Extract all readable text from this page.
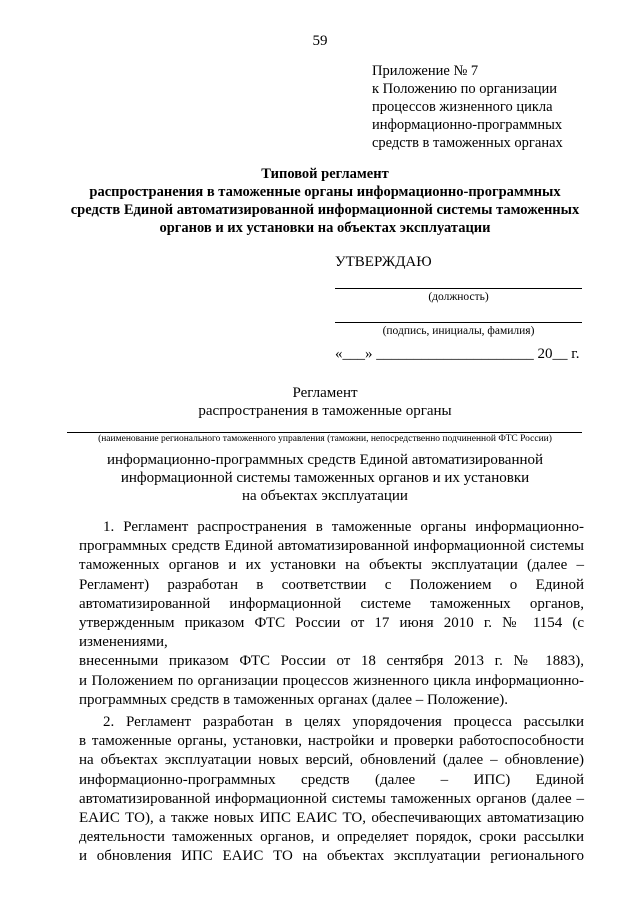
59
Приложение № 7
к Положению по организации
процессов жизненного цикла
информационно-программных
средств в таможенных органах
Типовой регламент
распространения в таможенные органы информационно-программных
средств Единой автоматизированной информационной системы таможенных
органов и их установки на объектах эксплуатации
УТВЕРЖДАЮ
(должность)
(подпись, инициалы, фамилия)
«___» _____________________ 20__ г.
Регламент
распространения в таможенные органы
(наименование регионального таможенного управления (таможни, непосредственно подчиненной ФТС России)
информационно-программных средств Единой автоматизированной
информационной системы таможенных органов и их установки
на объектах эксплуатации
1. Регламент распространения в таможенные органы информационно-
программных средств Единой автоматизированной информационной системы
таможенных органов и их установки на объекты эксплуатации (далее –
Регламент) разработан в соответствии с Положением о Единой
автоматизированной информационной системе таможенных органов,
утвержденным приказом ФТС России от 17 июня 2010 г. № 1154 (с изменениями,
внесенными приказом ФТС России от 18 сентября 2013 г. № 1883),
и Положением по организации процессов жизненного цикла информационно-
программных средств в таможенных органах (далее – Положение).
2. Регламент разработан в целях упорядочения процесса рассылки
в таможенные органы, установки, настройки и проверки работоспособности
на объектах эксплуатации новых версий, обновлений (далее – обновление)
информационно-программных средств (далее – ИПС) Единой
автоматизированной информационной системы таможенных органов (далее –
ЕАИС ТО), а также новых ИПС ЕАИС ТО, обеспечивающих автоматизацию
деятельности таможенных органов, и определяет порядок, сроки рассылки
и обновления ИПС ЕАИС ТО на объектах эксплуатации регионального
